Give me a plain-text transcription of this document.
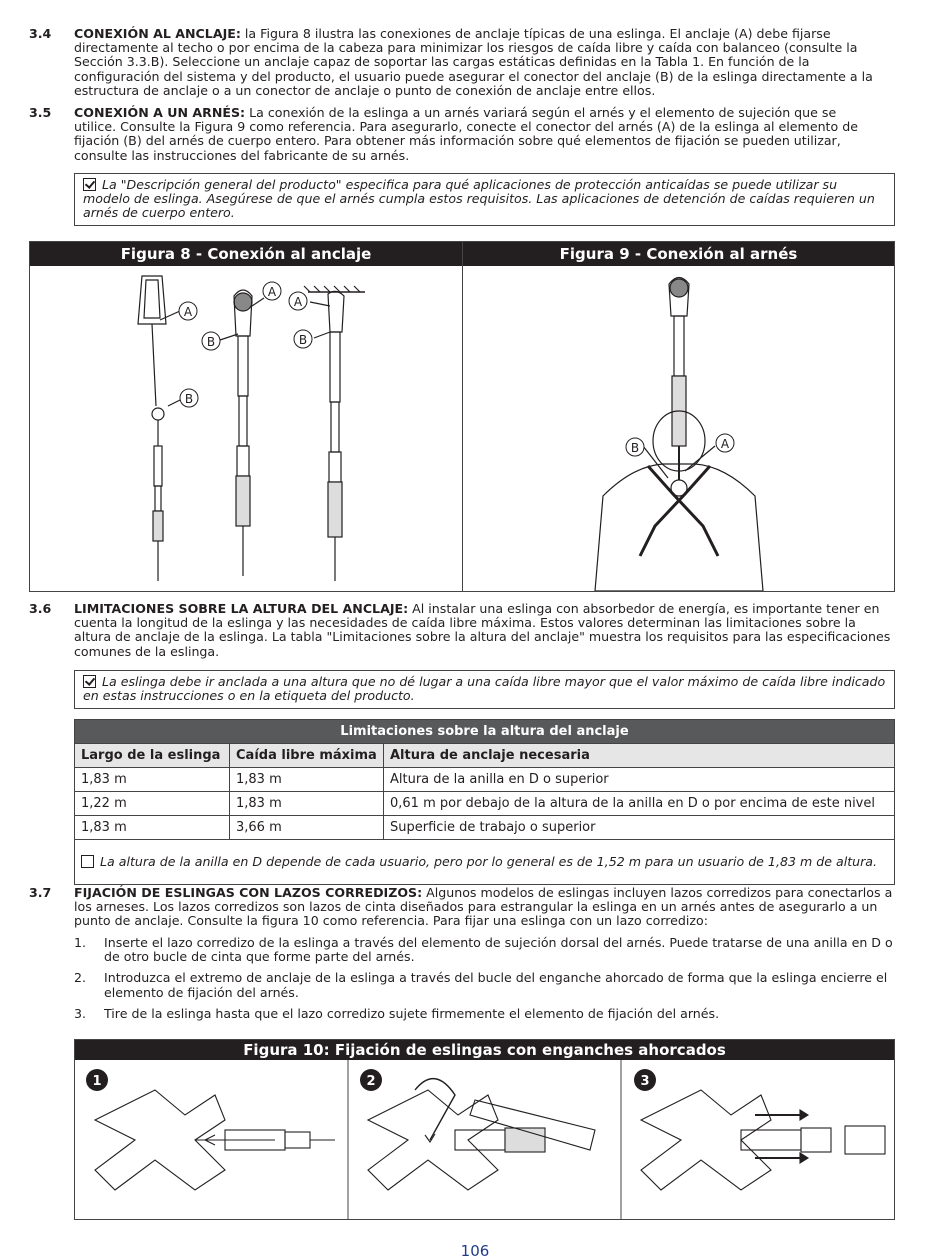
3.4 CONEXIÓN AL ANCLAJE: la Figura 8 ilustra las conexiones de anclaje típicas de una eslinga. El anclaje (A) debe fijarse directamente al techo o por encima de la cabeza para minimizar los riesgos de caída libre y caída con balanceo (consulte la Sección 3.3.B). Seleccione un anclaje capaz de soportar las cargas estáticas definidas en la Tabla 1. En función de la configuración del sistema y del producto, el usuario puede asegurar el conector del anclaje (B) de la eslinga directamente a la estructura de anclaje o a un conector de anclaje o punto de conexión de anclaje entre ellos.
3.5 CONEXIÓN A UN ARNÉS: La conexión de la eslinga a un arnés variará según el arnés y el elemento de sujeción que se utilice. Consulte la Figura 9 como referencia. Para asegurarlo, conecte el conector del arnés (A) de la eslinga al elemento de fijación (B) del arnés de cuerpo entero. Para obtener más información sobre qué elementos de fijación se pueden utilizar, consulte las instrucciones del fabricante de su arnés.
La "Descripción general del producto" especifica para qué aplicaciones de protección anticaídas se puede utilizar su modelo de eslinga. Asegúrese de que el arnés cumpla estos requisitos. Las aplicaciones de detención de caídas requieren un arnés de cuerpo entero.
Figura 8 - Conexión al anclaje
A
B
A
B
A
B
Figura 9 - Conexión al arnés
B	A
3.6 LIMITACIONES SOBRE LA ALTURA DEL ANCLAJE: Al instalar una eslinga con absorbedor de energía, es importante tener en cuenta la longitud de la eslinga y las necesidades de caída libre máxima. Estos valores determinan las limitaciones sobre la altura de anclaje de la eslinga. La tabla "Limitaciones sobre la altura del anclaje" muestra los requisitos para las especificaciones comunes de la eslinga.
La eslinga debe ir anclada a una altura que no dé lugar a una caída libre mayor que el valor máximo de caída libre indicado en estas instrucciones o en la etiqueta del producto.
Limitaciones sobre la altura del anclaje		
Largo de la eslinga	Caída libre máxima	Altura de anclaje necesaria
1,83 m	1,83 m	Altura de la anilla en D o superior
1,22 m	1,83 m	0,61 m por debajo de la altura de la anilla en D o por encima de este nivel
1,83 m	3,66 m	Superficie de trabajo o superior
La altura de la anilla en D depende de cada usuario, pero por lo general es de 1,52 m para un usuario de 1,83 m de altura.		
3.7 FIJACIÓN DE ESLINGAS CON LAZOS CORREDIZOS: Algunos modelos de eslingas incluyen lazos corredizos para conectarlos a los arneses. Los lazos corredizos son lazos de cinta diseñados para estrangular la eslinga en un arnés antes de asegurarlo a un punto de anclaje. Consulte la figura 10 como referencia. Para fijar una eslinga con un lazo corredizo:
1. Inserte el lazo corredizo de la eslinga a través del elemento de sujeción dorsal del arnés. Puede tratarse de una anilla en D o de otro bucle de cinta que forme parte del arnés.
2. Introduzca el extremo de anclaje de la eslinga a través del bucle del enganche ahorcado de forma que la eslinga encierre el elemento de fijación del arnés.
3. Tire de la eslinga hasta que el lazo corredizo sujete firmemente el elemento de fijación del arnés.
Figura 10: Fijación de eslingas con enganches ahorcados
1	2	3
106
